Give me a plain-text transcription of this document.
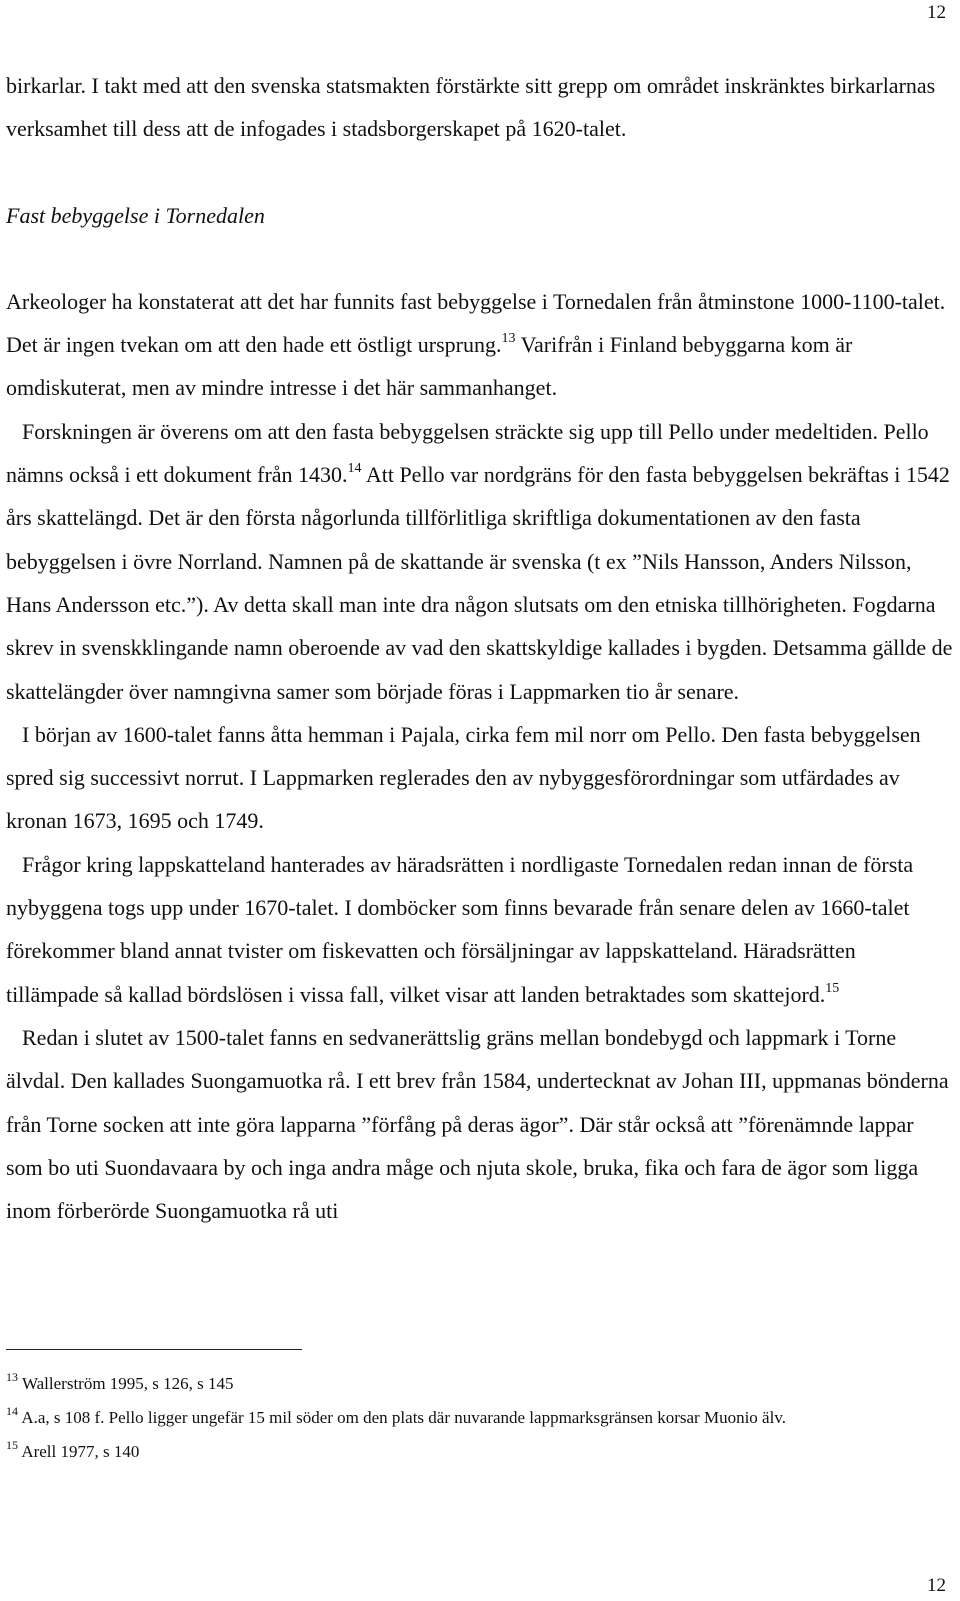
12

birkarlar. I takt med att den svenska statsmakten förstärkte sitt grepp om området inskränktes birkarlarnas verksamhet till dess att de infogades i stadsborgerskapet på 1620-talet.

Fast bebyggelse i Tornedalen

Arkeologer ha konstaterat att det har funnits fast bebyggelse i Tornedalen från åtminstone 1000-1100-talet. Det är ingen tvekan om att den hade ett östligt ursprung.$^{13}$ Varifrån i Finland bebyggarna kom är omdiskuterat, men av mindre intresse i det här sammanhanget.

Forskningen är överens om att den fasta bebyggelsen sträckte sig upp till Pello under medeltiden. Pello nämns också i ett dokument från 1430.14 Att Pello var nordgräns för den fasta bebyggelsen bekräftas i 1542 års skattelängd. Det är den första någorlunda tillförlitliga skriftliga dokumentationen av den fasta bebyggelsen i övre Norrland. Namnen på de skattande är svenska (t ex ”Nils Hansson, Anders Nilsson, Hans Andersson etc.”). Av detta skall man inte dra någon slutsats om den etniska tillhörigheten. Fogdarna skrev in svenskklingande namn oberoende av vad den skattskyldige kallades i bygden. Detsamma gällde de skattelängder över namngivna samer som började föras i Lappmarken tio år senare.

I början av 1600-talet fanns åtta hemman i Pajala, cirka fem mil norr om Pello. Den fasta bebyggelsen spred sig successivt norrut. I Lappmarken reglerades den av nybyggesförordningar som utfärdades av kronan 1673, 1695 och 1749.

Frågor kring lappskatteland hanterades av häradsrätten i nordligaste Tornedalen redan innan de första nybyggena togs upp under 1670-talet. I domböcker som finns bevarade från senare delen av 1660-talet förekommer bland annat tvister om fiskevatten och försäljningar av lappskatteland. Häradsrätten tillämpade så kallad bördslösen i vissa fall, vilket visar att landen betraktades som skattejord.$^{15}$

Redan i slutet av 1500-talet fanns en sedvanerättslig gräns mellan bondebygd och lappmark i Torne älvdal. Den kallades Suongamuotka rå. I ett brev från 1584, undertecknat av Johan III, uppmanas bönderna från Torne socken att inte göra lapparna ”förfång på deras ägor”. Där står också att ”förenämnde lappar som bo uti Suondavaara by och inga andra måge och njuta skole, bruka, fika och fara de ägor som ligga inom förberörde Suongamuotka rå uti

$^{13}$ Wallerström 1995, s 126, s 145

$^{14}$ A.a, s 108 f. Pello ligger ungefär 15 mil söder om den plats där nuvarande lappmarksgränsen korsar Muonio älv.

$^{15}$ Arell 1977, s 140

12
